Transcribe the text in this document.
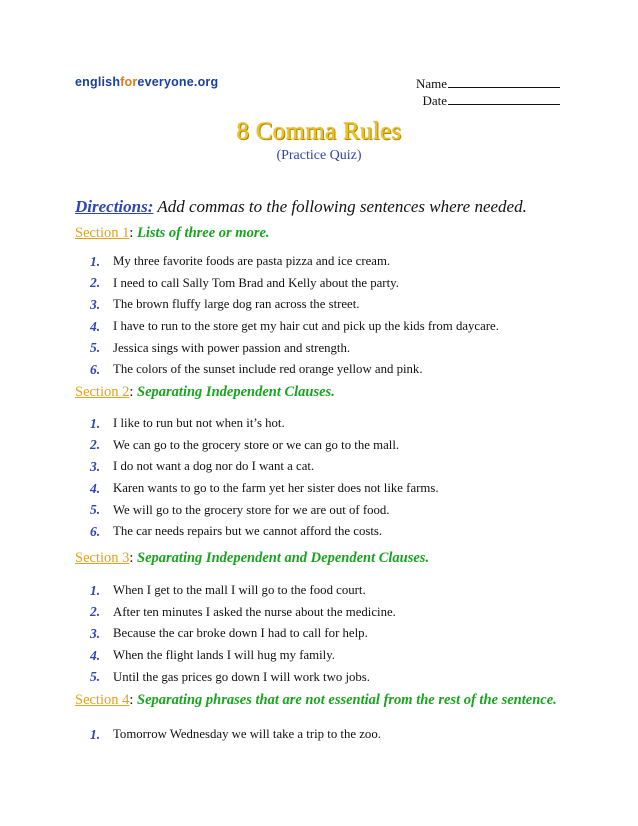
englishforeveryone.org	Name
Date
8 Comma Rules
(Practice Quiz)
Directions: Add commas to the following sentences where needed.
Section 1: Lists of three or more.
1.	My three favorite foods are pasta pizza and ice cream.
2.	I need to call Sally Tom Brad and Kelly about the party.
3.	The brown fluffy large dog ran across the street.
4.	I have to run to the store get my hair cut and pick up the kids from daycare.
5.	Jessica sings with power passion and strength.
6.	The colors of the sunset include red orange yellow and pink.
Section 2: Separating Independent Clauses.
1.	I like to run but not when it’s hot.
2.	We can go to the grocery store or we can go to the mall.
3.	I do not want a dog nor do I want a cat.
4.	Karen wants to go to the farm yet her sister does not like farms.
5.	We will go to the grocery store for we are out of food.
6.	The car needs repairs but we cannot afford the costs.
Section 3: Separating Independent and Dependent Clauses.
1.	When I get to the mall I will go to the food court.
2.	After ten minutes I asked the nurse about the medicine.
3.	Because the car broke down I had to call for help.
4.	When the flight lands I will hug my family.
5.	Until the gas prices go down I will work two jobs.
Section 4: Separating phrases that are not essential from the rest of the sentence.
1.	Tomorrow Wednesday we will take a trip to the zoo.
